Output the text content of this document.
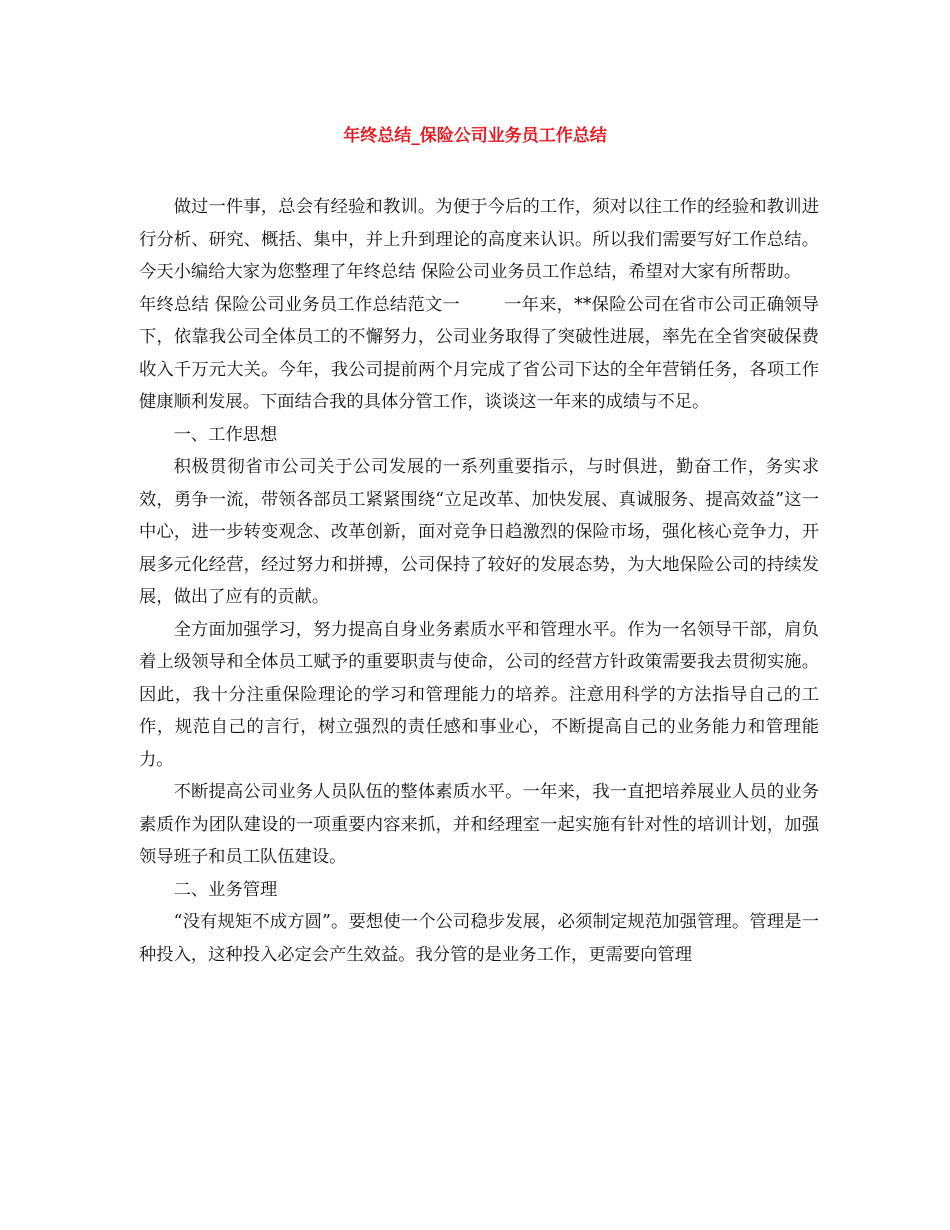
年终总结_保险公司业务员工作总结

做过一件事，总会有经验和教训。为便于今后的工作，须对以往工作的经验和教训进行分析、研究、概括、集中，并上升到理论的高度来认识。所以我们需要写好工作总结。今天小编给大家为您整理了年终总结 保险公司业务员工作总结，希望对大家有所帮助。

年终总结 保险公司业务员工作总结范文一	一年来，**保险公司在省市公司正确领导下，依靠我公司全体员工的不懈努力，公司业务取得了突破性进展，率先在全省突破保费收入千万元大关。今年，我公司提前两个月完成了省公司下达的全年营销任务，各项工作健康顺利发展。下面结合我的具体分管工作，谈谈这一年来的成绩与不足。

一、工作思想

积极贯彻省市公司关于公司发展的一系列重要指示，与时俱进，勤奋工作，务实求效，勇争一流，带领各部员工紧紧围绕“立足改革、加快发展、真诚服务、提高效益”这一中心，进一步转变观念、改革创新，面对竞争日趋激烈的保险市场，强化核心竞争力，开展多元化经营，经过努力和拼搏，公司保持了较好的发展态势，为大地保险公司的持续发展，做出了应有的贡献。

全方面加强学习，努力提高自身业务素质水平和管理水平。作为一名领导干部，肩负着上级领导和全体员工赋予的重要职责与使命，公司的经营方针政策需要我去贯彻实施。因此，我十分注重保险理论的学习和管理能力的培养。注意用科学的方法指导自己的工作，规范自己的言行，树立强烈的责任感和事业心，不断提高自己的业务能力和管理能力。

不断提高公司业务人员队伍的整体素质水平。一年来，我一直把培养展业人员的业务素质作为团队建设的一项重要内容来抓，并和经理室一起实施有针对性的培训计划，加强领导班子和员工队伍建设。

二、业务管理

“没有规矩不成方圆”。要想使一个公司稳步发展，必须制定规范加强管理。管理是一种投入，这种投入必定会产生效益。我分管的是业务工作，更需要向管理
